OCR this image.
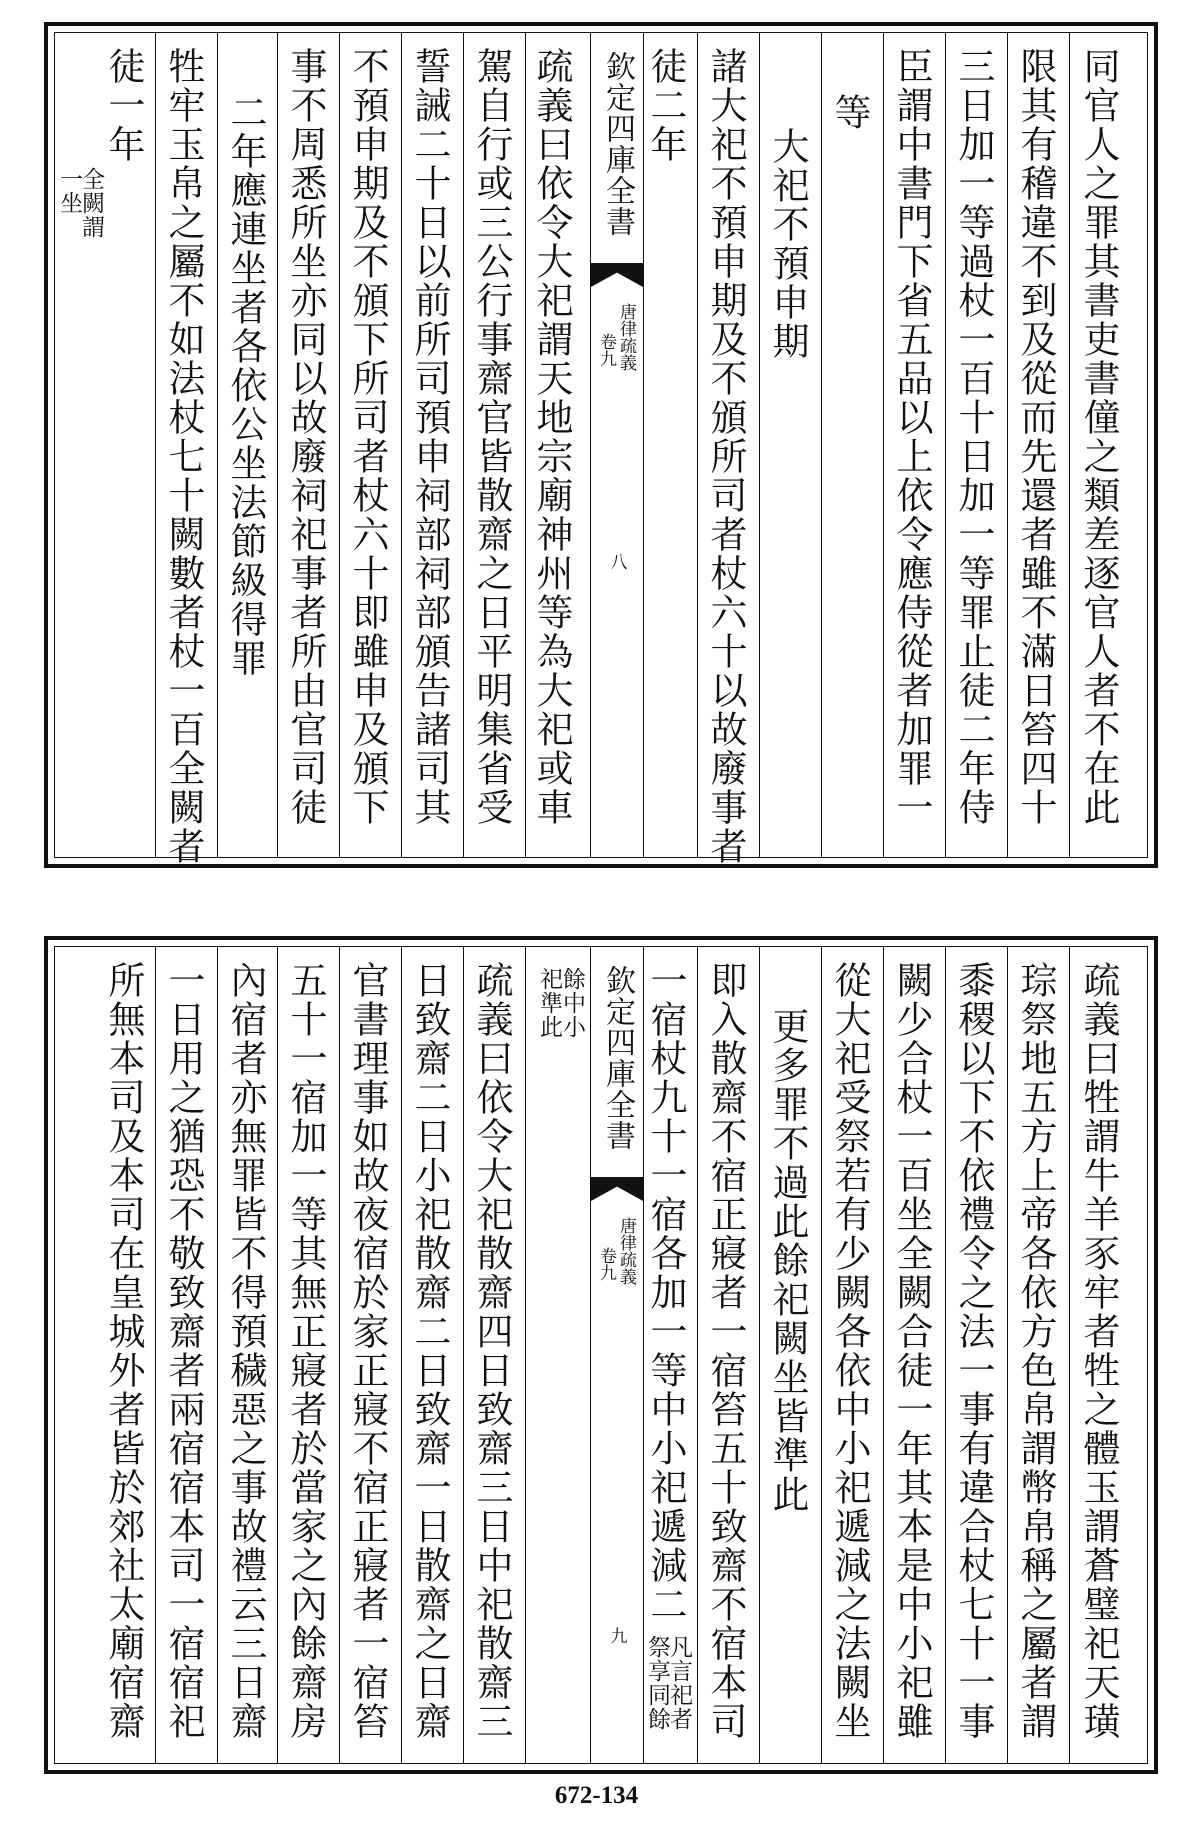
同官人之罪其書吏書僮之類差逐官人者不在此
限其有稽違不到及從而先還者雖不滿日笞四十
三日加一等過杖一百十日加一等罪止徒二年侍
臣謂中書門下省五品以上依令應侍從者加罪一
等
大祀不預申期
諸大祀不預申期及不頒所司者杖六十以故廢事者
徒二年
欽定四庫全書
唐律疏義
卷九
八
疏義曰依令大祀謂天地宗廟神州等為大祀或車
駕自行或三公行事齋官皆散齋之日平明集省受
誓誡二十日以前所司預申祠部祠部頒告諸司其
不預申期及不頒下所司者杖六十即雖申及頒下
事不周悉所坐亦同以故廢祠祀事者所由官司徒
二年應連坐者各依公坐法節級得罪
牲牢玉帛之屬不如法杖七十闕數者杖一百全闕者
徒一年
全闕謂
一坐
疏義曰牲謂牛羊豕牢者牲之體玉謂蒼璧祀天璜
琮祭地五方上帝各依方色帛謂幣帛稱之屬者謂
黍稷以下不依禮令之法一事有違合杖七十一事
闕少合杖一百坐全闕合徒一年其本是中小祀雖
從大祀受祭若有少闕各依中小祀遞減之法闕坐
更多罪不過此餘祀闕坐皆準此
即入散齋不宿正寢者一宿笞五十致齋不宿本司
一宿杖九十一宿各加一等中小祀遞減二
凡言祀者
祭享同餘
欽定四庫全書
唐律疏義
卷九
九
餘中小
祀準此
疏義曰依令大祀散齋四日致齋三日中祀散齋三
日致齋二日小祀散齋二日致齋一日散齋之日齋
官書理事如故夜宿於家正寢不宿正寢者一宿笞
五十一宿加一等其無正寢者於當家之內餘齋房
內宿者亦無罪皆不得預穢惡之事故禮云三日齋
一日用之猶恐不敬致齋者兩宿宿本司一宿宿祀
所無本司及本司在皇城外者皆於郊社太廟宿齋
672-134
